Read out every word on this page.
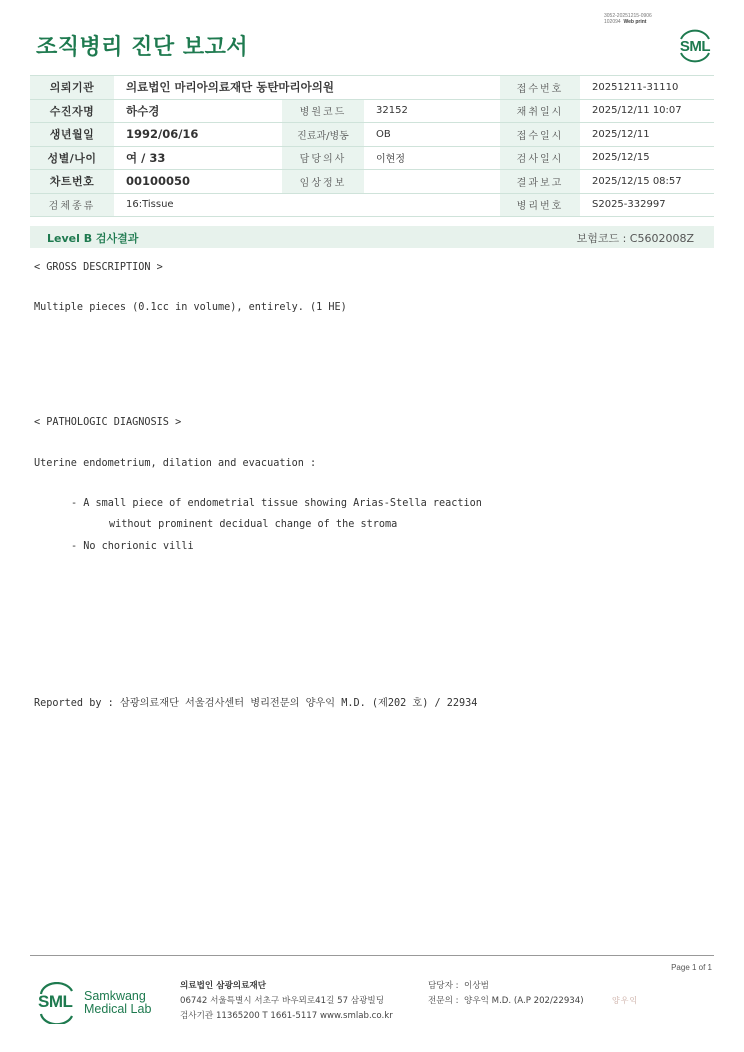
조직병리 진단 보고서
3052-20251215-0906
102094 Web print
SML
의뢰기관	의료법인 마리아의료재단 동탄마리아의원			접수번호	20251211-31110
수진자명	하수경	병원코드	32152	채취일시	2025/12/11 10:07
생년월일	1992/06/16	진료과/병동	OB	접수일시	2025/12/11
성별/나이	여 / 33	담당의사	이현정	검사일시	2025/12/15
차트번호	00100050	임상정보		결과보고	2025/12/15 08:57
검체종류	16:Tissue			병리번호	S2025-332997
Level B 검사결과	보험코드 : C5602008Z
< GROSS DESCRIPTION >
Multiple pieces (0.1cc in volume), entirely. (1 HE)
< PATHOLOGIC DIAGNOSIS >
Uterine endometrium, dilation and evacuation :
- A small piece of endometrial tissue showing Arias-Stella reaction
without prominent decidual change of the stroma
- No chorionic villi
Reported by : 삼광의료재단 서울검사센터 병리전문의 양우익 M.D. (제202 호) / 22934
Page 1 of 1
SML Samkwang
Medical Lab
의료법인 삼광의료재단
06742 서울특별시 서초구 바우뫼로41길 57 삼광빌딩
검사기관 11365200 T 1661-5117 www.smlab.co.kr
담당자 : 이상범
전문의 : 양우익 M.D. (A.P 202/22934)	양우익
